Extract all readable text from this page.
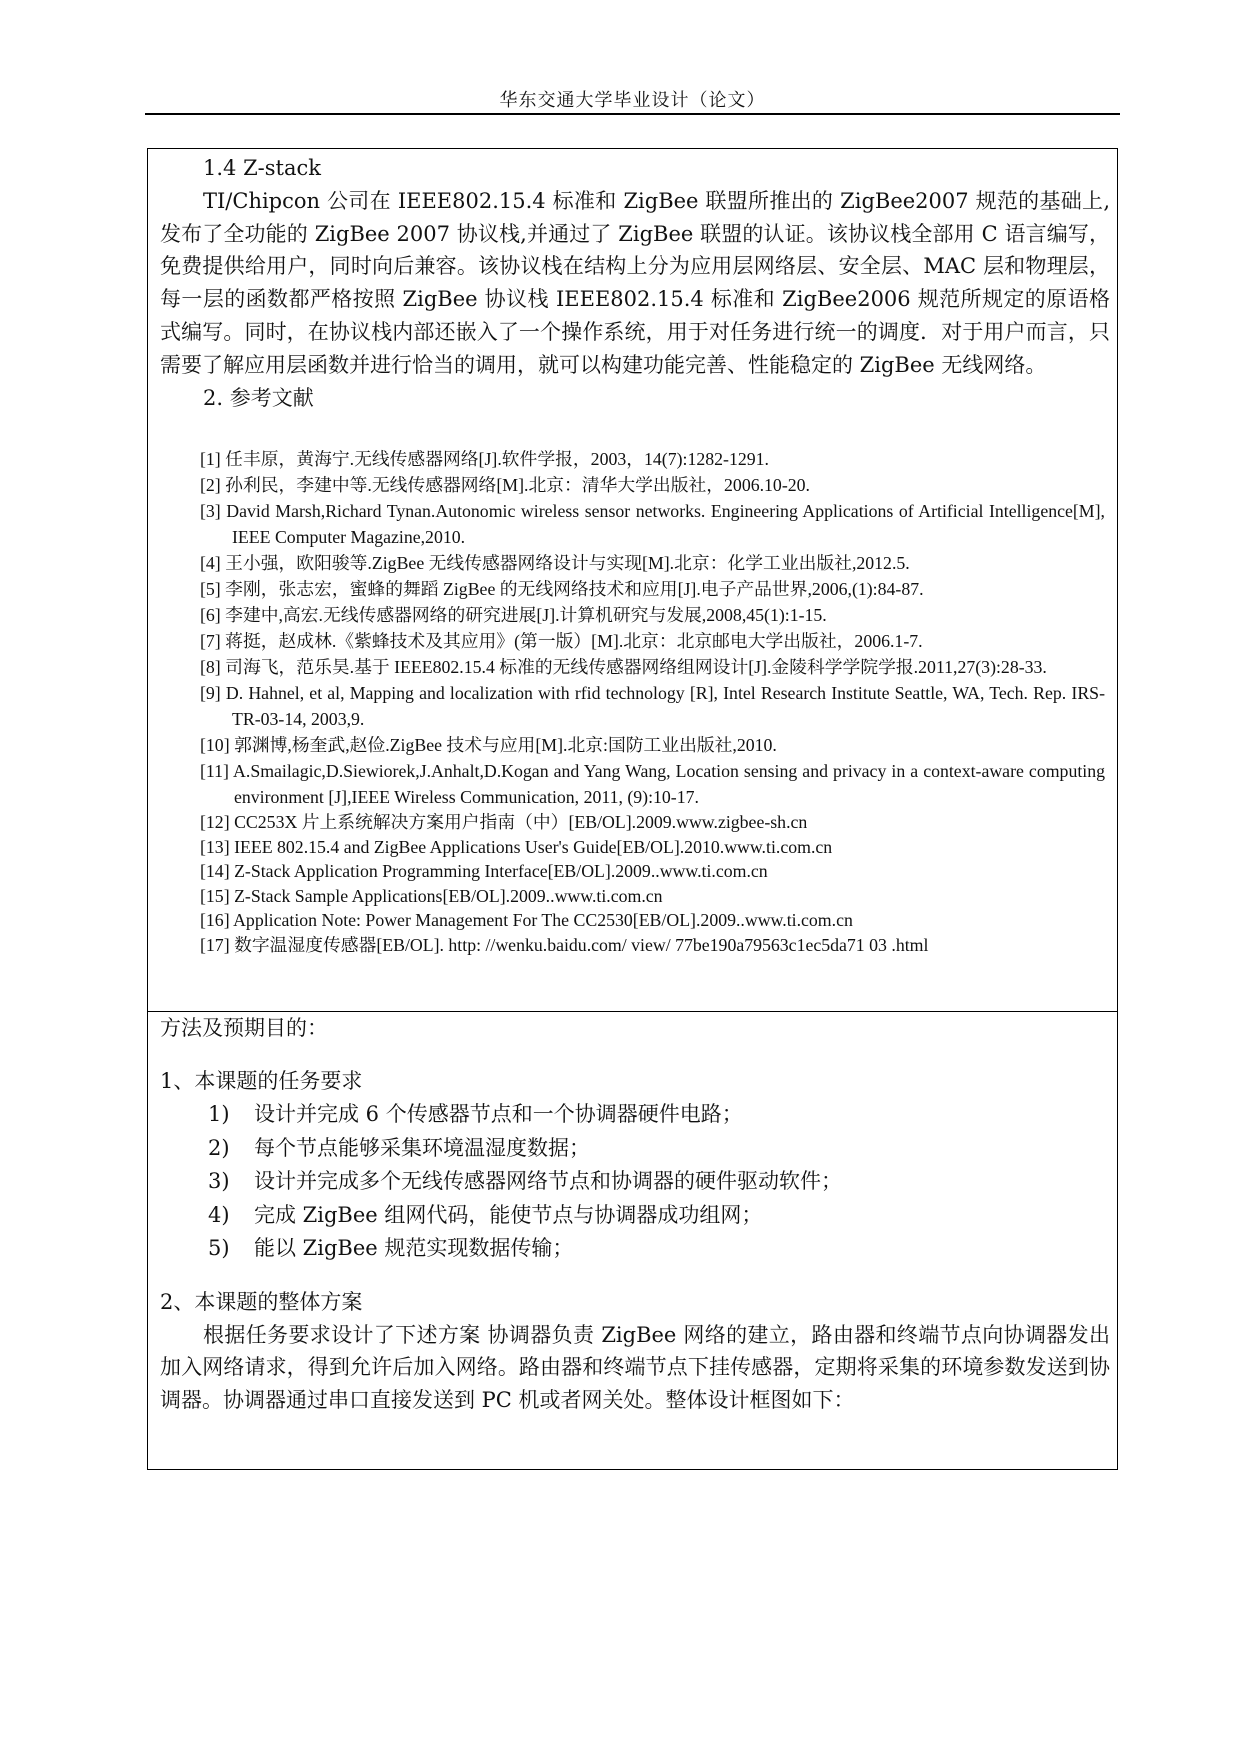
华东交通大学毕业设计（论文）

1.4 Z-stack

TI/Chipcon 公司在 IEEE802.15.4 标准和 ZigBee 联盟所推出的 ZigBee2007 规范的基础上,发布了全功能的 ZigBee 2007 协议栈,并通过了 ZigBee 联盟的认证。该协议栈全部用 C 语言编写，免费提供给用户，同时向后兼容。该协议栈在结构上分为应用层网络层、安全层、MAC 层和物理层，每一层的函数都严格按照 ZigBee 协议栈 IEEE802.15.4 标准和 ZigBee2006 规范所规定的原语格式编写。同时，在协议栈内部还嵌入了一个操作系统，用于对任务进行统一的调度．对于用户而言，只需要了解应用层函数并进行恰当的调用，就可以构建功能完善、性能稳定的 ZigBee 无线网络。

2. 参考文献

[1] 任丰原，黄海宁.无线传感器网络[J].软件学报，2003，14(7):1282-1291.

[2] 孙利民，李建中等.无线传感器网络[M].北京：清华大学出版社，2006.10-20.

[3] David Marsh,Richard Tynan.Autonomic wireless sensor networks. Engineering Applications of Artificial Intelligence[M], IEEE Computer Magazine,2010.

[4] 王小强，欧阳骏等.ZigBee 无线传感器网络设计与实现[M].北京：化学工业出版社,2012.5.

[5] 李刚，张志宏，蜜蜂的舞蹈 ZigBee 的无线网络技术和应用[J].电子产品世界,2006,(1):84-87.

[6] 李建中,高宏.无线传感器网络的研究进展[J].计算机研究与发展,2008,45(1):1-15.

[7] 蒋挺，赵成林.《紫蜂技术及其应用》(第一版）[M].北京：北京邮电大学出版社，2006.1-7.

[8] 司海飞，范乐昊.基于 IEEE802.15.4 标准的无线传感器网络组网设计[J].金陵科学学院学报.2011,27(3):28-33.

[9] D. Hahnel, et al, Mapping and localization with rfid technology [R], Intel Research Institute Seattle, WA, Tech. Rep. IRS-TR-03-14, 2003,9.

[10] 郭渊博,杨奎武,赵俭.ZigBee 技术与应用[M].北京:国防工业出版社,2010.

[11] A.Smailagic,D.Siewiorek,J.Anhalt,D.Kogan and Yang Wang, Location sensing and privacy in a context-aware computing environment [J],IEEE Wireless Communication, 2011, (9):10-17.

[12] CC253X 片上系统解决方案用户指南（中）[EB/OL].2009.www.zigbee-sh.cn

[13] IEEE 802.15.4 and ZigBee Applications User's Guide[EB/OL].2010.www.ti.com.cn

[14] Z-Stack Application Programming Interface[EB/OL].2009..www.ti.com.cn

[15] Z-Stack Sample Applications[EB/OL].2009..www.ti.com.cn

[16] Application Note: Power Management For The CC2530[EB/OL].2009..www.ti.com.cn

[17] 数字温湿度传感器[EB/OL]. http: //wenku.baidu.com/ view/ 77be190a79563c1ec5da71 03 .html

方法及预期目的：

1、本课题的任务要求

1) 设计并完成 6 个传感器节点和一个协调器硬件电路；

2) 每个节点能够采集环境温湿度数据；

3) 设计并完成多个无线传感器网络节点和协调器的硬件驱动软件；

4) 完成 ZigBee 组网代码，能使节点与协调器成功组网；

5) 能以 ZigBee 规范实现数据传输；

2、本课题的整体方案

根据任务要求设计了下述方案 协调器负责 ZigBee 网络的建立，路由器和终端节点向协调器发出加入网络请求，得到允许后加入网络。路由器和终端节点下挂传感器，定期将采集的环境参数发送到协调器。协调器通过串口直接发送到 PC 机或者网关处。整体设计框图如下：
